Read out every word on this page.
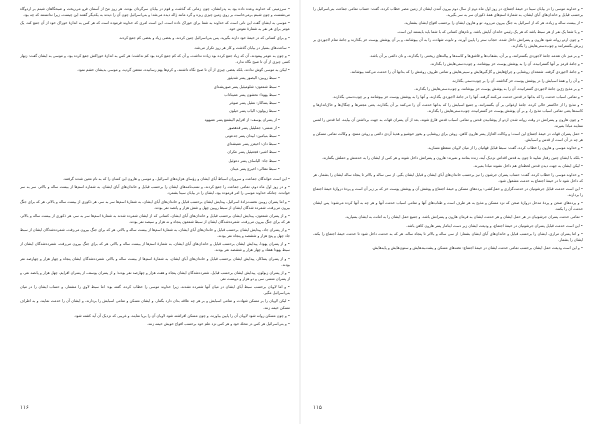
• سرزمینی که خداوند وعده داده بود به پدرانشان، چون زمانی که گذشت و قوم در بیابان سرگردان بودند، هر روز منّ از آسمان فرو می‌ریخت و صبحگاهان شبنم بر اردوگاه می‌نشست و چون شبنم برمی‌خاست بر روی زمین چیزی ریزه و گرد مانند ژاله دیده می‌شد؛ و بنی‌اسرائیل چون آن را دیدند به یکدیگر گفتند این چیست، زیرا ندانستند که چه بود.

• موسی به ایشان گفت این نانی است که خداوند به شما برای خوراک داده است. این است امری که خداوند فرموده است که هر کس به اندازهٔ خوراک خود از آن جمع کند، یک عومر برای هر نفر به شمارهٔ نفوس خود.

• و برای کسانی که در خیمهٔ خود دارند بگیرید. پس بنی‌اسرائیل چنین کردند، و بعضی زیاد و بعضی کم جمع کردند.

• ساعت‌های بسیار در بیابان گذشت و کار هر روز تکرار می‌شد.

• و چون به عومر پیمودند، آن که زیاد جمع کرده بود زیاده نداشت، و آن که کم جمع کرده بود کم نداشت؛ هر کس به اندازهٔ خوراکش جمع کرده بود. و موسی به ایشان گفت: زنهار کسی چیزی از آن تا صبح نگاه ندارد.

• لیکن به موسی گوش ندادند، بلکه بعضی چیزی از آن تا صبح نگاه داشتند، و کرم‌ها بهم رسانیده، متعفن گردید، و موسی بدیشان خشم نمود.

• سبط روبین: الیصور پسر شدیئور

• سبط شمعون: شلومیئیل پسر صوریشدای

• سبط یهودا: نحشون پسر عمیناداب

• سبط یساکار: نتنئیل پسر صوغر

• سبط زبولون: الیاب پسر حیلون

• از پسران یوسف: از افرایم الیشمع پسر عمیهود

• از منسی: جملیئیل پسر فدهصور

• سبط بنیامین: ابیدان پسر جدعونی

• سبط دان: اخیعزر پسر عمیشدای

• سبط اشیر: فجعیئیل پسر عکران

• سبط جاد: الیاساف پسر دعوئیل

• سبط نفتالی: اخیرع پسر عینان

• این است خواندگان جماعت و سروران اسباط آبای ایشان و رؤسای هزاره‌های اسرائیل. و موسی و هارون این کسان را که به نام معین شدند گرفتند.

• و در روز اول ماه دوم، تمامی جماعت را جمع کردند، و نسب‌نامه‌های ایشان را برحسب قبایل و خاندان‌های آبای ایشان، به شماره اسم‌ها از بیست ساله و بالاتر، سر به سر خواندند. چنانکه خداوند موسی را امر فرموده بود، ایشان را در بیابان سینا بشمرد.

• و اما پسران روبین نخست‌زادهٔ اسرائیل، پیدایش ایشان برحسب قبایل و خاندان‌های آبای ایشان، به شمارهٔ اسم‌ها سر به سر، هر ذکوری از بیست ساله و بالاتر، هر که برای جنگ بیرون می‌رفت، شمرده شدگان ایشان از سبط روبین چهل و شش هزار و پانصد نفر بودند.

• و از پسران شمعون، پیدایش ایشان برحسب قبایل و خاندان‌های آبای ایشان، کسانی که از ایشان شمرده شدند به شمارهٔ اسم‌ها سر به سر، هر ذکوری از بیست ساله و بالاتر، هر که برای جنگ بیرون می‌رفت، شمرده‌شدگان ایشان از سبط شمعون پنجاه و نه هزار و سیصد نفر بودند.

• و از پسران جاد، پیدایش ایشان برحسب قبایل و خاندان‌های آبای ایشان، به شمارهٔ اسم‌ها از بیست ساله و بالاتر، هر که برای جنگ بیرون می‌رفت، شمرده‌شدگان ایشان از سبط جاد چهل و پنج هزار و ششصد و پنجاه نفر بودند.

• و از پسران یهودا، پیدایش ایشان برحسب قبایل و خاندان‌های آبای ایشان، به شمارهٔ اسم‌ها از بیست ساله و بالاتر، هر که برای جنگ بیرون می‌رفت، شمرده‌شدگان ایشان از سبط یهودا هفتاد و چهار هزار و ششصد نفر بودند.

• و از پسران یساکار، پیدایش ایشان برحسب قبایل و خاندان‌های آبای ایشان، به شمارهٔ اسم‌ها از بیست ساله و بالاتر، شمرده‌شدگان ایشان پنجاه و چهار هزار و چهارصد نفر بودند.

• و از پسران زبولون، پیدایش ایشان برحسب قبایل، شمرده‌شدگان ایشان پنجاه و هفت هزار و چهارصد نفر بودند؛ و از پسران یوسف، از پسران افرایم، چهل هزار و پانصد نفر، و از پسران منسی سی و دو هزار و دویست نفر.

• و اما لاویان برحسب سبط آبای ایشان در میان آنها شمرده نشدند، زیرا خداوند موسی را خطاب کرده، گفته بود: اما سبط لاوی را مشمار، و حساب ایشان را در میان بنی‌اسرائیل مگیر.

• لیکن لاویان را بر مسکن شهادت و تمامی اسبابش و بر هر چه علاقه بدان دارد بگمار، و ایشان مسکن و تمامی اسبابش را بردارند، و ایشان آن را خدمت نمایند، و به اطراف مسکن خیمه زنند.

• و چون مسکن روانه شود لاویان آن را پایین بیاورند، و چون مسکن افراشته شود لاویان آن را برپا نمایند، و غریبی که نزدیک آن آید کشته شود.

• و بنی‌اسرائیل هر کس در محلهٔ خود و هر کس نزد علم خود برحسب افواج خویش خیمه زنند.

۱۱۶

• و خداوند موسی را در بیابان سینا در خیمهٔ اجتماع، در روز اول ماه دوم از سال دوم بیرون آمدن ایشان از زمین مصر خطاب کرده، گفت: حساب تمامی جماعت بنی‌اسرائیل را برحسب قبایل و خاندان‌های آبای ایشان، به شمارهٔ اسم‌های همهٔ ذکوران سر به سر بگیرید.

• از بیست ساله و زیاده، هر که از اسرائیل به جنگ بیرون می‌رود، تو و هارون ایشان را برحسب افواج ایشان بشمارید.

• و با شما یک نفر از هر سبط باشد که هر یک رئیس خاندان آبایش باشد. و نام‌های کسانی که با شما باید بایستند این است.

• و چون اردو روانه شود هارون و پسرانش داخل شده، حجاب ستر را پایین آورند، و تابوت شهادت را به آن بپوشانند، و بر آن پوشش پوست خز بگذارند و جامهٔ تمام لاجوردی بر زبرش بگسترانند و چوب‌دستی‌هایش را بگذارند.

• و بر میز نان تقدمه جامهٔ لاجوردی بگسترانند، و بر آن، بشقاب‌ها و قاشق‌ها و کاسه‌ها و پیاله‌های ریختنی را بگذارند، و نان دائمی بر آن باشد.

• و جامهٔ قرمز بر آنها گسترانیده، آن را به پوشش پوست خز بپوشانند، و چوب‌دستی‌هایش را بگذارند.

• و جامهٔ لاجوردی گرفته، شمعدان روشنایی و چراغ‌هایش و گل‌گیرهایش و سینی‌هایش و تمامی ظروف روغنش را که بدانها آن را خدمت می‌کنند بپوشانند.

• و آن را و همهٔ اسبابش را در پوشش پوست خز گذاشته، آن را بر چوب‌دستی بگذارند.

• و بر مذبح زرّین جامهٔ لاجوردی گسترانیده، آن را به پوشش پوست خز بپوشانند، و چوب‌دستی‌هایش را بگذارند.

• و تمامی اسباب خدمت را که بدانها در قدس خدمت می‌کنند گرفته، آنها را در جامهٔ لاجوردی بگذارند، و آنها را به پوشش پوست خز بپوشانند و بر چوب‌دستی بگذارند.

• و مذبح را از خاکستر خالی کرده، جامهٔ ارغوانی بر آن بگسترانند. و جمیع اسبابش را که بدانها خدمت آن را می‌کنند بر آن بگذارند، یعنی مجمرها و چنگال‌ها و خاک‌اندازها و کاسه‌ها یعنی تمامی اسباب مذبح را، و بر آن پوشش پوست خز گسترانیده، چوب‌دستی‌هایش را بگذارند.

• و چون هارون و پسرانش در وقت روانه شدن اردو از پوشانیدن قدس و تمامی اسباب قدس فارغ شوند، بعد از آن پسران قهات به جهت برداشتن آن بیایند، اما قدس را لمس ننمایند مبادا بمیرند.

• حمل پسران قهات در خیمهٔ اجتماع این است؛ و وکالت العازار پسر هارون کاهن، روغن برای روشنایی و بخور خوشبو و هدیهٔ آردی دائمی و روغن مسح، و وکالت تمامی مسکن و هر چه در آن است از قدس و اسبابش.

• و خداوند موسی و هارون را خطاب کرده، گفت: سبط قبایل قهاتیان را از میان لاویان منقطع مسازید.

• بلکه با ایشان چنین رفتار نمایید تا چون به قدس اقداس نزدیک آیند، زنده بمانند و نمیرند: هارون و پسرانش داخل شوند و هر کس از ایشان را به خدمتش و حملش بگمارند.

• لیکن ایشان به جهت دیدن قدس لحظه‌ای هم داخل نشوند مبادا بمیرند.

• و خداوند موسی را خطاب کرده، گفت: حساب پسران جرشون را نیز برحسب خاندان‌های آبای ایشان و قبایل ایشان بگیر. از سی ساله و بالاتر تا پنجاه ساله ایشان را بشمار، هر که داخل شود تا در خیمهٔ اجتماع به خدمت مشغول شود.

• این است خدمت قبایل جرشونیان در خدمت‌گزاری و حمل‌کشی: پرده‌های مسکن و خیمهٔ اجتماع و پوشش آن و پوشش پوست خز که بر زبر آن است و پردهٔ دروازهٔ خیمهٔ اجتماع را بردارند.

• و پرده‌های صحن و پردهٔ مدخل دروازهٔ صحن که نزد مسکن و مذبح به هر طرف است و طناب‌های آنها و تمامی اسباب خدمت آنها و هر چه به آنها کرده می‌شود؛ پس ایشان خدمت آن را بکنند.

• تمامی خدمت پسران جرشونیان در هر حمل ایشان و هر خدمت ایشان به فرمان هارون و پسرانش باشد، و جمیع حمل ایشان را به امانت به ایشان بسپارید.

• این است خدمت قبایل پسران جرشونیان در خیمهٔ اجتماع، و ودیعت ایشان زیر دست ایتامار پسر هارون کاهن باشد.

• و اما پسران مراری، ایشان را برحسب قبایل و خاندان‌های آبای ایشان بشمار؛ از سی ساله و بالاتر تا پنجاه ساله، هر که به خدمت داخل شود تا خدمت خیمهٔ اجتماع را بکند، ایشان را بشمار.

• و این است ودیعت حمل ایشان برحسب تمامی خدمت ایشان در خیمهٔ اجتماع: تخته‌های مسکن و پشت‌بندهایش و ستون‌هایش و پایه‌هایش.

۱۱۵
